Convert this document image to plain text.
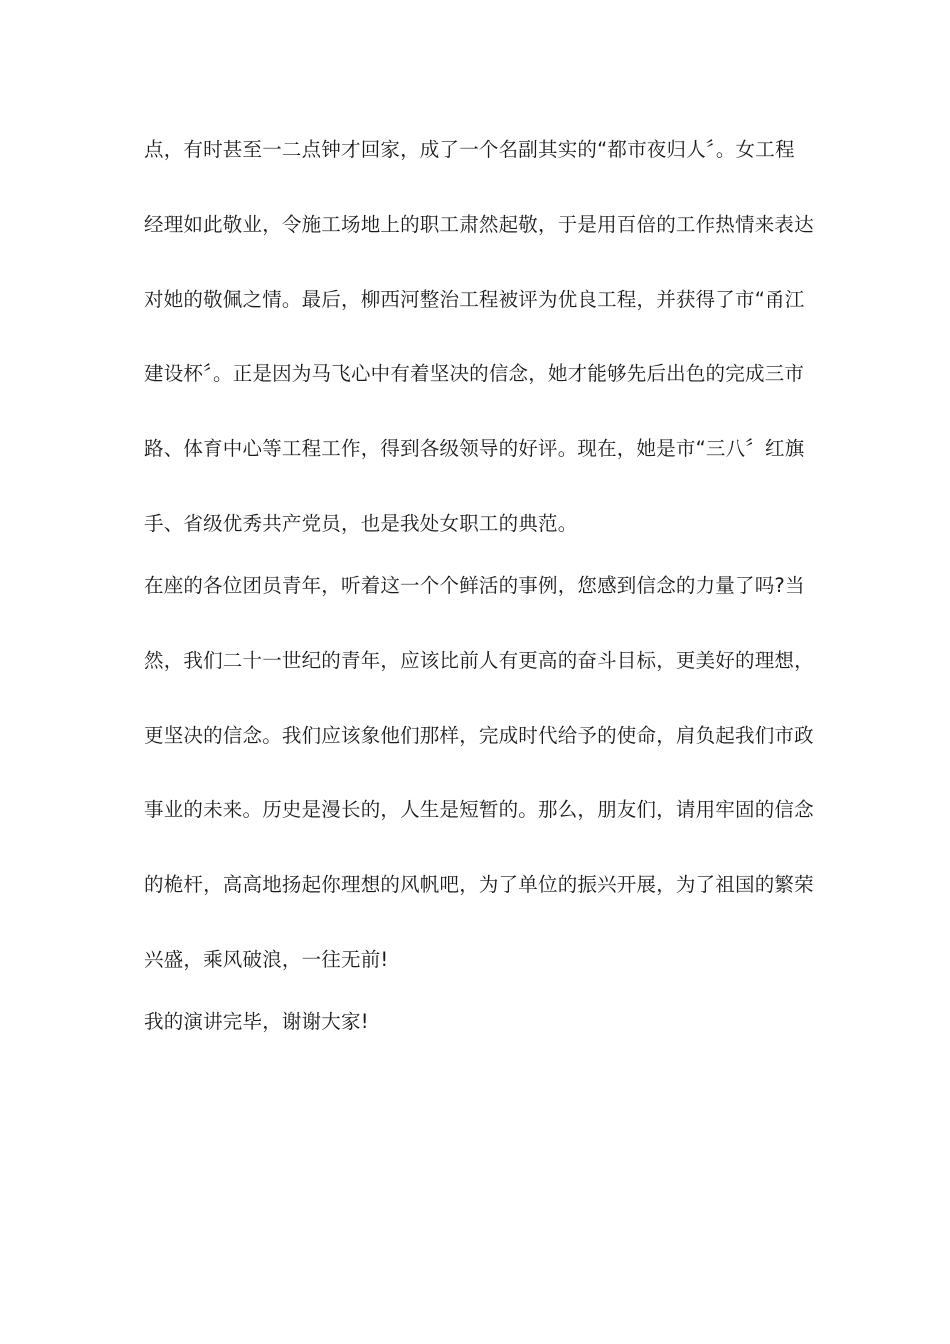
点，有时甚至一二点钟才回家，成了一个名副其实的“都市夜归人〞。女工程
经理如此敬业，令施工场地上的职工肃然起敬，于是用百倍的工作热情来表达
对她的敬佩之情。最后，柳西河整治工程被评为优良工程，并获得了市“甬江
建设杯〞。正是因为马飞心中有着坚决的信念，她才能够先后出色的完成三市
路、体育中心等工程工作，得到各级领导的好评。现在，她是市“三八〞红旗
手、省级优秀共产党员，也是我处女职工的典范。
在座的各位团员青年，听着这一个个鲜活的事例，您感到信念的力量了吗?当
然，我们二十一世纪的青年，应该比前人有更高的奋斗目标，更美好的理想，
更坚决的信念。我们应该象他们那样，完成时代给予的使命，肩负起我们市政
事业的未来。历史是漫长的，人生是短暂的。那么，朋友们，请用牢固的信念
的桅杆，高高地扬起你理想的风帆吧，为了单位的振兴开展，为了祖国的繁荣
兴盛，乘风破浪，一往无前!
我的演讲完毕，谢谢大家!
